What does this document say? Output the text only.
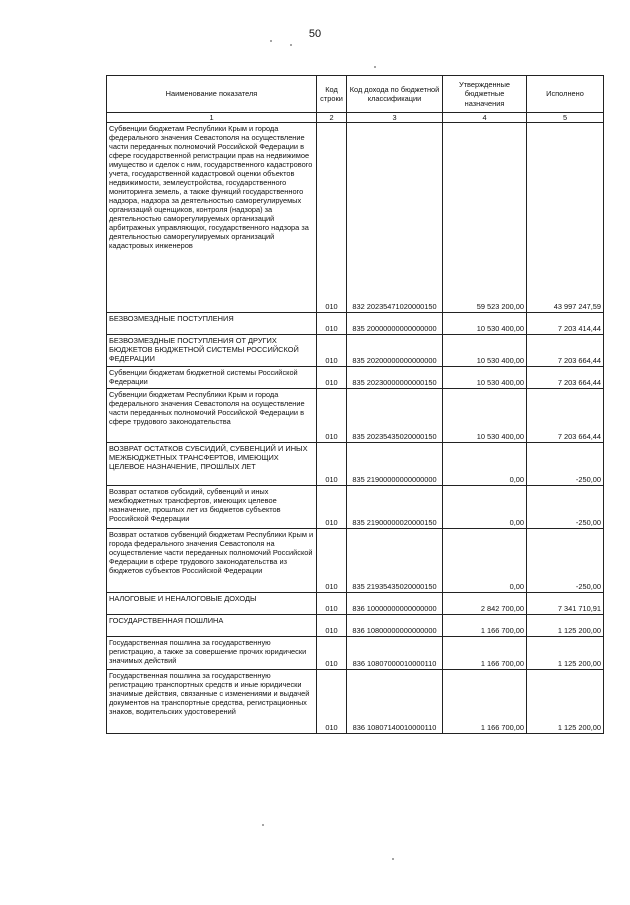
50
Наименование показателя	Код строки	Код дохода по бюджетной классификации	Утвержденные бюджетные назначения	Исполнено
1	2	3	4	5
Субвенции бюджетам Республики Крым и города федерального значения Севастополя на осуществление части переданных полномочий Российской Федерации в сфере государственной регистрации прав на недвижимое имущество и сделок с ним, государственного кадастрового учета, государственной кадастровой оценки объектов недвижимости, землеустройства, государственного мониторинга земель, а также функций государственного надзора, надзора за деятельностью саморегулируемых организаций оценщиков, контроля (надзора) за деятельностью саморегулируемых организаций арбитражных управляющих, государственного надзора за деятельностью саморегулируемых организаций кадастровых инженеров	010	832 20235471020000150	59 523 200,00	43 997 247,59
БЕЗВОЗМЕЗДНЫЕ ПОСТУПЛЕНИЯ	010	835 20000000000000000	10 530 400,00	7 203 414,44
БЕЗВОЗМЕЗДНЫЕ ПОСТУПЛЕНИЯ ОТ ДРУГИХ БЮДЖЕТОВ БЮДЖЕТНОЙ СИСТЕМЫ РОССИЙСКОЙ ФЕДЕРАЦИИ	010	835 20200000000000000	10 530 400,00	7 203 664,44
Субвенции бюджетам бюджетной системы Российской Федерации	010	835 20230000000000150	10 530 400,00	7 203 664,44
Субвенции бюджетам Республики Крым и города федерального значения Севастополя на осуществление части переданных полномочий Российской Федерации в сфере трудового законодательства	010	835 20235435020000150	10 530 400,00	7 203 664,44
ВОЗВРАТ ОСТАТКОВ СУБСИДИЙ, СУБВЕНЦИЙ И ИНЫХ МЕЖБЮДЖЕТНЫХ ТРАНСФЕРТОВ, ИМЕЮЩИХ ЦЕЛЕВОЕ НАЗНАЧЕНИЕ, ПРОШЛЫХ ЛЕТ	010	835 21900000000000000	0,00	-250,00
Возврат остатков субсидий, субвенций и иных межбюджетных трансфертов, имеющих целевое назначение, прошлых лет из бюджетов субъектов Российской Федерации	010	835 21900000020000150	0,00	-250,00
Возврат остатков субвенций бюджетам Республики Крым и города федерального значения Севастополя на осуществление части переданных полномочий Российской Федерации в сфере трудового законодательства из бюджетов субъектов Российской Федерации	010	835 21935435020000150	0,00	-250,00
НАЛОГОВЫЕ И НЕНАЛОГОВЫЕ ДОХОДЫ	010	836 10000000000000000	2 842 700,00	7 341 710,91
ГОСУДАРСТВЕННАЯ ПОШЛИНА	010	836 10800000000000000	1 166 700,00	1 125 200,00
Государственная пошлина за государственную регистрацию, а также за совершение прочих юридически значимых действий	010	836 10807000010000110	1 166 700,00	1 125 200,00
Государственная пошлина за государственную регистрацию транспортных средств и иные юридически значимые действия, связанные с изменениями и выдачей документов на транспортные средства, регистрационных знаков, водительских удостоверений	010	836 10807140010000110	1 166 700,00	1 125 200,00
